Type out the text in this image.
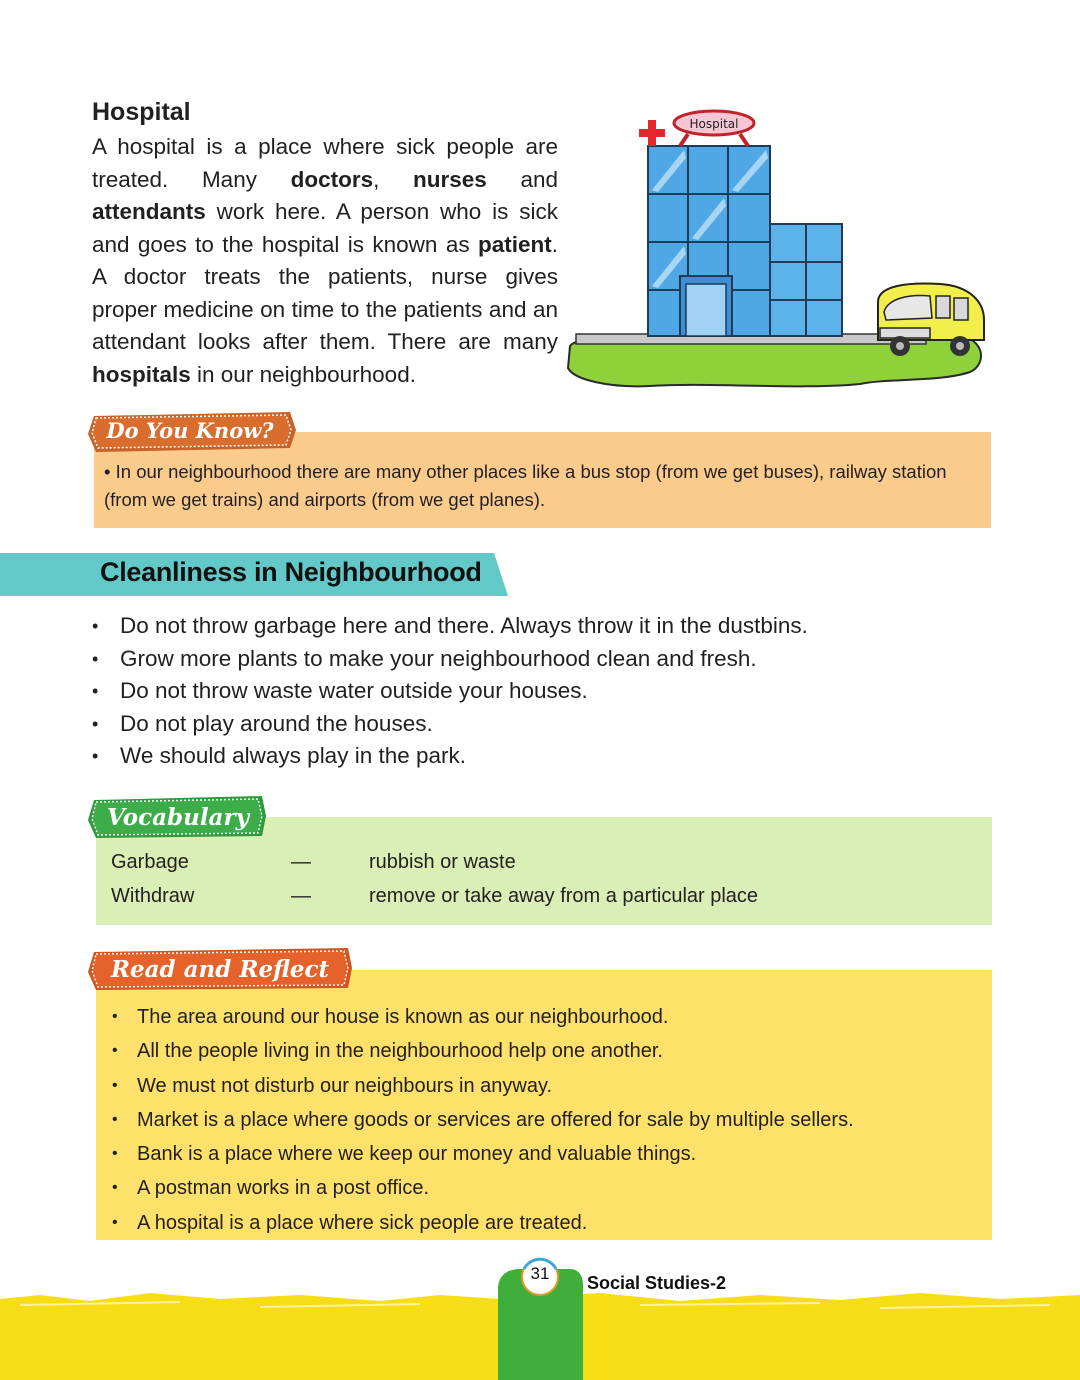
Hospital
A hospital is a place where sick people are treated. Many doctors, nurses and attendants work here. A person who is sick and goes to the hospital is known as patient. A doctor treats the patients, nurse gives proper medicine on time to the patients and an attendant looks after them. There are many hospitals in our neighbourhood.
Hospital
Do You Know?
• In our neighbourhood there are many other places like a bus stop (from we get buses), railway station (from we get trains) and airports (from we get planes).
Cleanliness in Neighbourhood
• Do not throw garbage here and there. Always throw it in the dustbins.
• Grow more plants to make your neighbourhood clean and fresh.
• Do not throw waste water outside your houses.
• Do not play around the houses.
• We should always play in the park.
Vocabulary
Garbage	—	rubbish or waste
Withdraw	—	remove or take away from a particular place
Read and Reflect
• The area around our house is known as our neighbourhood.
• All the people living in the neighbourhood help one another.
• We must not disturb our neighbours in anyway.
• Market is a place where goods or services are offered for sale by multiple sellers.
• Bank is a place where we keep our money and valuable things.
• A postman works in a post office.
• A hospital is a place where sick people are treated.
31	Social Studies-2
